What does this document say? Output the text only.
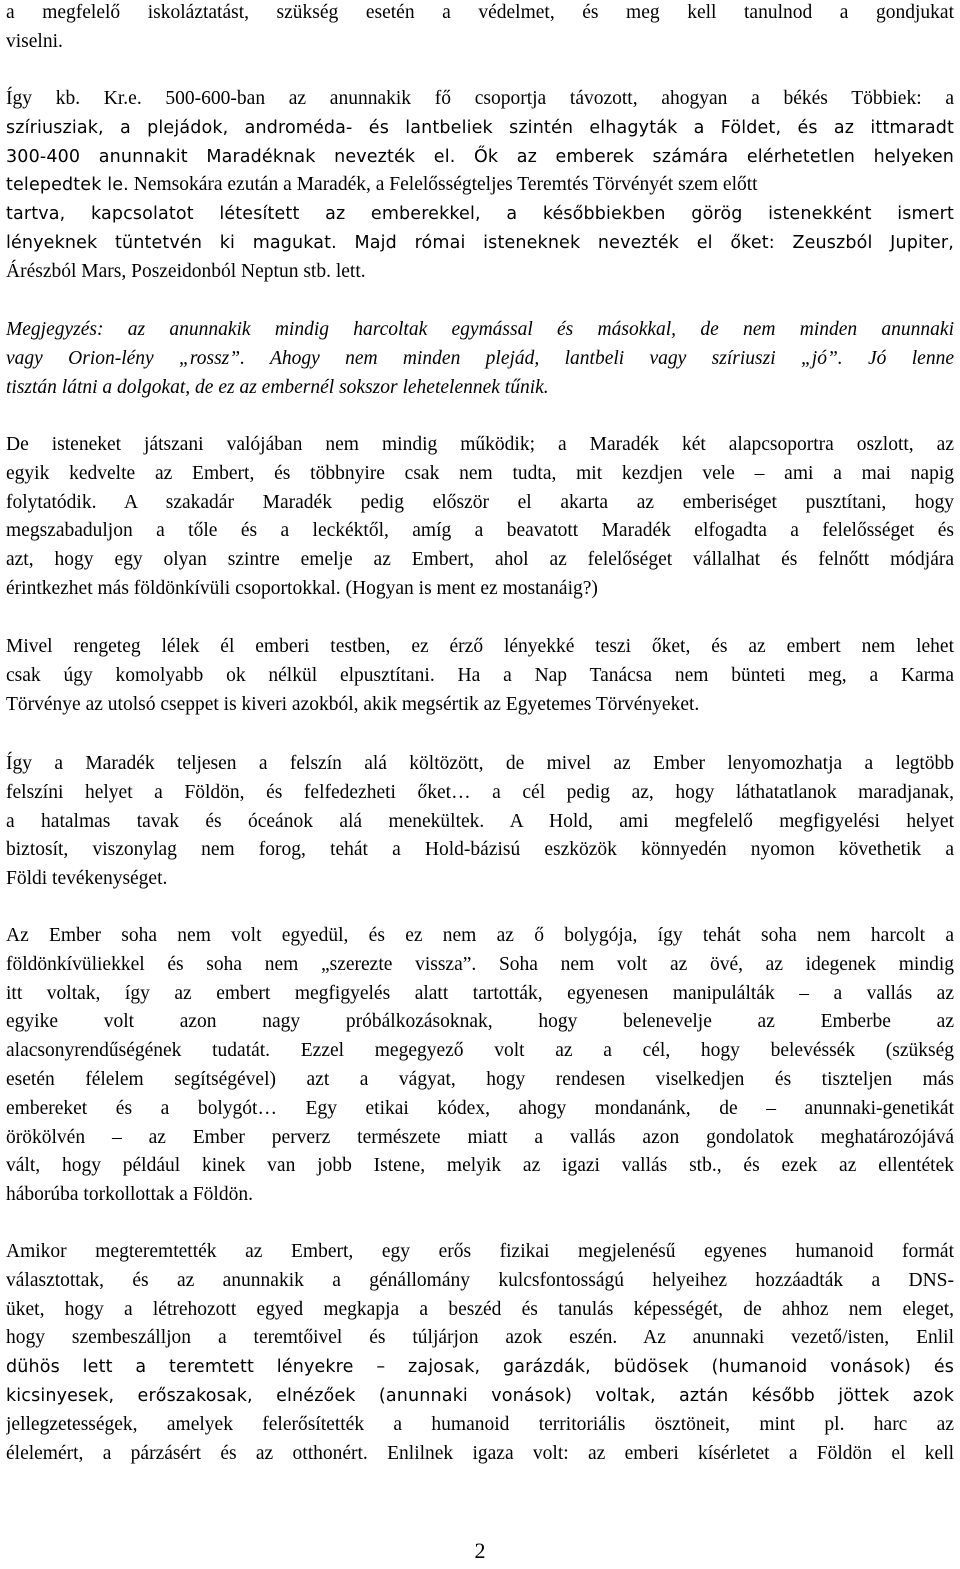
a megfelelő iskoláztatást, szükség esetén a védelmet, és meg kell tanulnod a gondjukat
viselni.
Így kb. Kr.e. 500-600-ban az anunnakik fő csoportja távozott, ahogyan a békés Többiek: a
szíriusziak, a plejádok, androméda- és lantbeliek szintén elhagyták a Földet, és az ittmaradt
300-400 anunnakit Maradéknak nevezték el. Ők az emberek számára elérhetetlen helyeken
telepedtek le. Nemsokára ezután a Maradék, a Felelősségteljes Teremtés Törvényét szem előtt
tartva, kapcsolatot létesített az emberekkel, a későbbiekben görög istenekként ismert
lényeknek tüntetvén ki magukat. Majd római isteneknek nevezték el őket: Zeuszból Jupiter,
Árészból Mars, Poszeidonból Neptun stb. lett.
Megjegyzés: az anunnakik mindig harcoltak egymással és másokkal, de nem minden anunnaki
vagy Orion-lény „rossz”. Ahogy nem minden plejád, lantbeli vagy szíriuszi „jó”. Jó lenne
tisztán látni a dolgokat, de ez az embernél sokszor lehetelennek tűnik.
De isteneket játszani valójában nem mindig működik; a Maradék két alapcsoportra oszlott, az
egyik kedvelte az Embert, és többnyire csak nem tudta, mit kezdjen vele – ami a mai napig
folytatódik. A szakadár Maradék pedig először el akarta az emberiséget pusztítani, hogy
megszabaduljon a tőle és a leckéktől, amíg a beavatott Maradék elfogadta a felelősséget és
azt, hogy egy olyan szintre emelje az Embert, ahol az felelőséget vállalhat és felnőtt módjára
érintkezhet más földönkívüli csoportokkal. (Hogyan is ment ez mostanáig?)
Mivel rengeteg lélek él emberi testben, ez érző lényekké teszi őket, és az embert nem lehet
csak úgy komolyabb ok nélkül elpusztítani. Ha a Nap Tanácsa nem bünteti meg, a Karma
Törvénye az utolsó cseppet is kiveri azokból, akik megsértik az Egyetemes Törvényeket.
Így a Maradék teljesen a felszín alá költözött, de mivel az Ember lenyomozhatja a legtöbb
felszíni helyet a Földön, és felfedezheti őket… a cél pedig az, hogy láthatatlanok maradjanak,
a hatalmas tavak és óceánok alá menekültek. A Hold, ami megfelelő megfigyelési helyet
biztosít, viszonylag nem forog, tehát a Hold-bázisú eszközök könnyedén nyomon követhetik a
Földi tevékenységet.
Az Ember soha nem volt egyedül, és ez nem az ő bolygója, így tehát soha nem harcolt a
földönkívüliekkel és soha nem „szerezte vissza”. Soha nem volt az övé, az idegenek mindig
itt voltak, így az embert megfigyelés alatt tartották, egyenesen manipulálták – a vallás az
egyike volt azon nagy próbálkozásoknak, hogy belenevelje az Emberbe az
alacsonyrendűségének tudatát. Ezzel megegyező volt az a cél, hogy belevéssék (szükség
esetén félelem segítségével) azt a vágyat, hogy rendesen viselkedjen és tiszteljen más
embereket és a bolygót… Egy etikai kódex, ahogy mondanánk, de – anunnaki-genetikát
örökölvén – az Ember perverz természete miatt a vallás azon gondolatok meghatározójává
vált, hogy például kinek van jobb Istene, melyik az igazi vallás stb., és ezek az ellentétek
háborúba torkollottak a Földön.
Amikor megteremtették az Embert, egy erős fizikai megjelenésű egyenes humanoid formát
választottak, és az anunnakik a génállomány kulcsfontosságú helyeihez hozzáadták a DNS-
üket, hogy a létrehozott egyed megkapja a beszéd és tanulás képességét, de ahhoz nem eleget,
hogy szembeszálljon a teremtőivel és túljárjon azok eszén. Az anunnaki vezető/isten, Enlil
dühös lett a teremtett lényekre – zajosak, garázdák, büdösek (humanoid vonások) és
kicsinyesek, erőszakosak, elnézőek (anunnaki vonások) voltak, aztán később jöttek azok
jellegzetességek, amelyek felerősítették a humanoid territoriális ösztöneit, mint pl. harc az
élelemért, a párzásért és az otthonért. Enlilnek igaza volt: az emberi kísérletet a Földön el kell
2
